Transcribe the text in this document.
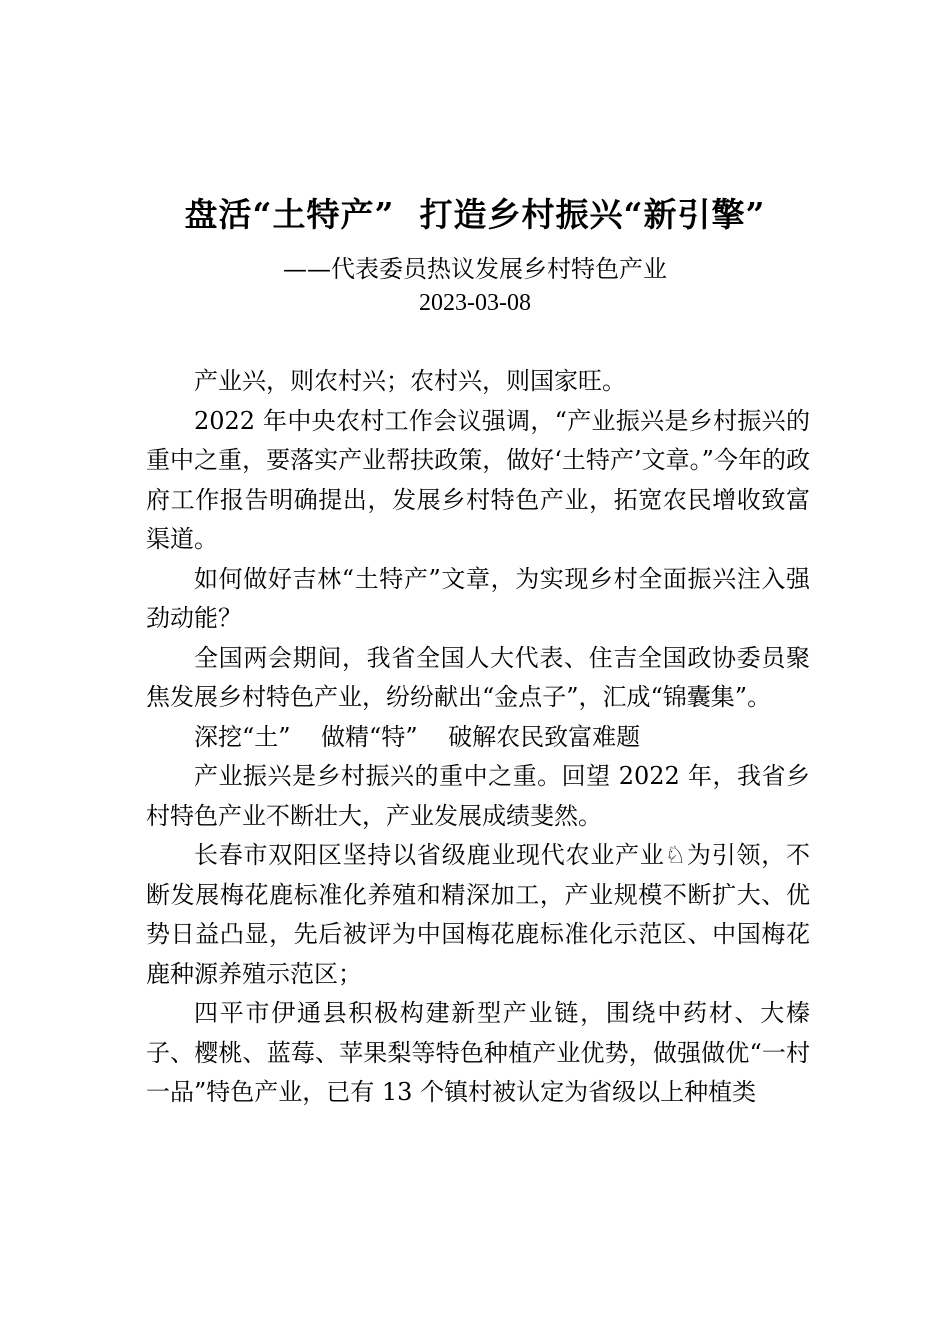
盘活“土特产”  打造乡村振兴“新引擎”
——代表委员热议发展乡村特色产业
2023-03-08

产业兴，则农村兴；农村兴，则国家旺。

2022 年中央农村工作会议强调，“产业振兴是乡村振兴的重中之重，要落实产业帮扶政策，做好‘土特产’文章。”今年的政府工作报告明确提出，发展乡村特色产业，拓宽农民增收致富渠道。

如何做好吉林“土特产”文章，为实现乡村全面振兴注入强劲动能？

全国两会期间，我省全国人大代表、住吉全国政协委员聚焦发展乡村特色产业，纷纷献出“金点子”，汇成“锦囊集”。

深挖“土”    做精“特”    破解农民致富难题

产业振兴是乡村振兴的重中之重。回望 2022 年，我省乡村特色产业不断壮大，产业发展成绩斐然。

长春市双阳区坚持以省级鹿业现代农业产业♘为引领，不断发展梅花鹿标准化养殖和精深加工，产业规模不断扩大、优势日益凸显，先后被评为中国梅花鹿标准化示范区、中国梅花鹿种源养殖示范区；

四平市伊通县积极构建新型产业链，围绕中药材、大榛子、樱桃、蓝莓、苹果梨等特色种植产业优势，做强做优“一村一品”特色产业，已有 13 个镇村被认定为省级以上种植类
